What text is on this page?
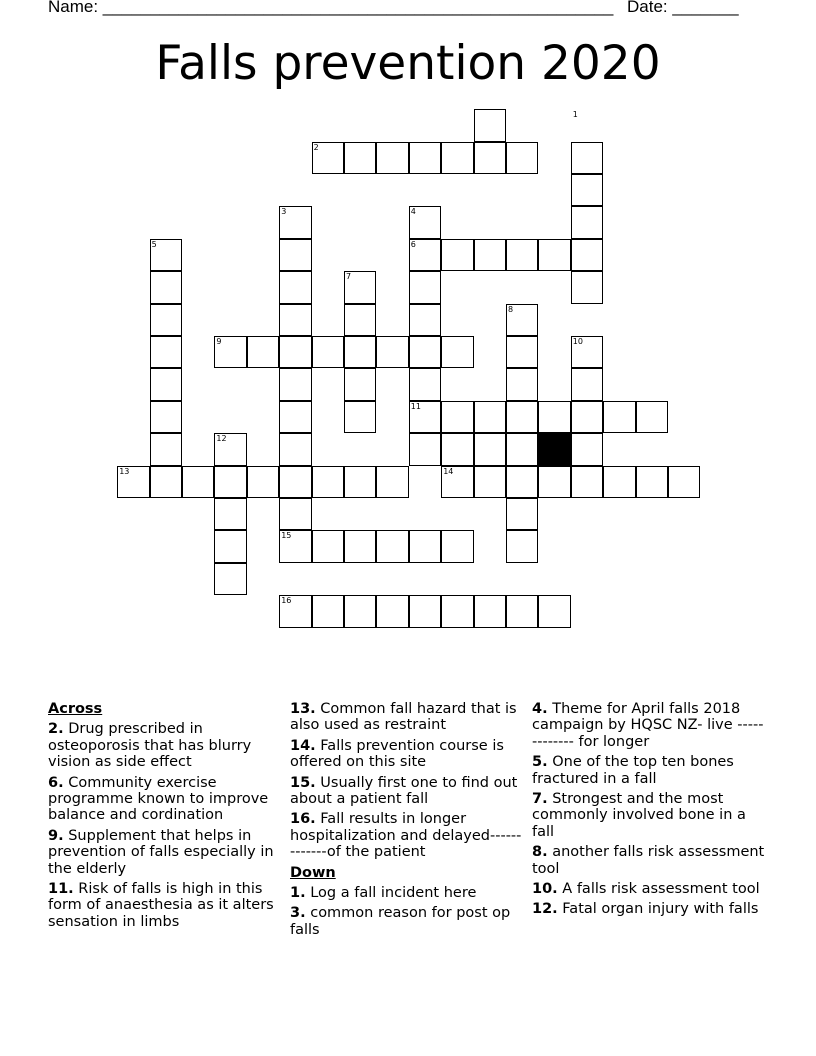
Name: ______________________________________________________ Date: _______
Falls prevention 2020
1
2
3	4
5	6
7
8
9	10
11
12
13	14
15
16
Across
2. Drug prescribed in osteoporosis that has blurry vision as side effect
6. Community exercise programme known to improve balance and cordination
9. Supplement that helps in prevention of falls especially in the elderly
11. Risk of falls is high in this form of anaesthesia as it alters sensation in limbs
13. Common fall hazard that is also used as restraint
14. Falls prevention course is offered on this site
15. Usually first one to find out about a patient fall
16. Fall results in longer hospitalization and delayed-------------of the patient
Down
1. Log a fall incident here
3. common reason for post op falls
4. Theme for April falls 2018 campaign by HQSC NZ- live ------------- for longer
5. One of the top ten bones fractured in a fall
7. Strongest and the most commonly involved bone in a fall
8. another falls risk assessment tool
10. A falls risk assessment tool
12. Fatal organ injury with falls
